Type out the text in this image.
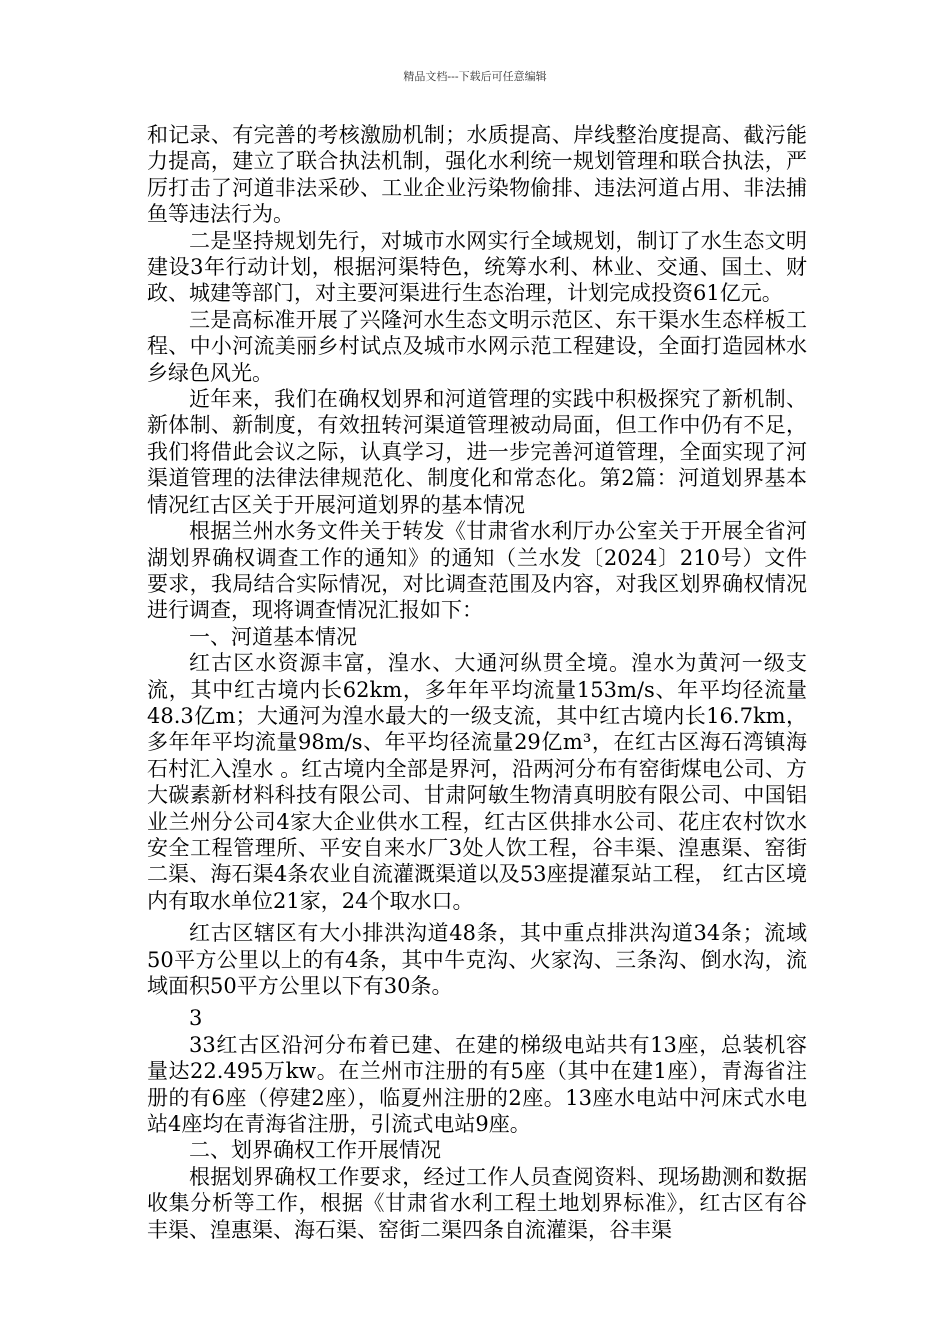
精品文档---下载后可任意编辑

和记录、有完善的考核激励机制；水质提高、岸线整治度提高、截污能力提高，建立了联合执法机制，强化水利统一规划管理和联合执法，严厉打击了河道非法采砂、工业企业污染物偷排、违法河道占用、非法捕鱼等违法行为。

二是坚持规划先行，对城市水网实行全域规划，制订了水生态文明建设3年行动计划，根据河渠特色，统筹水利、林业、交通、国土、财政、城建等部门，对主要河渠进行生态治理，计划完成投资61亿元。

三是高标准开展了兴隆河水生态文明示范区、东干渠水生态样板工程、中小河流美丽乡村试点及城市水网示范工程建设，全面打造园林水乡绿色风光。

近年来，我们在确权划界和河道管理的实践中积极探究了新机制、新体制、新制度，有效扭转河渠道管理被动局面，但工作中仍有不足，我们将借此会议之际，认真学习，进一步完善河道管理，全面实现了河渠道管理的法律法律规范化、制度化和常态化。第2篇：河道划界基本情况红古区关于开展河道划界的基本情况

根据兰州水务文件关于转发《甘肃省水利厅办公室关于开展全省河湖划界确权调查工作的通知》的通知（兰水发〔2024〕210号）文件要求，我局结合实际情况，对比调查范围及内容，对我区划界确权情况进行调查，现将调查情况汇报如下：

一、河道基本情况

红古区水资源丰富，湟水、大通河纵贯全境。湟水为黄河一级支流，其中红古境内长62km，多年年平均流量153m/s、年平均径流量48.3亿m；大通河为湟水最大的一级支流，其中红古境内长16.7km，多年年平均流量98m/s、年平均径流量29亿m³，在红古区海石湾镇海石村汇入湟水 。红古境内全部是界河，沿两河分布有窑街煤电公司、方大碳素新材料科技有限公司、甘肃阿敏生物清真明胶有限公司、中国铝业兰州分公司4家大企业供水工程，红古区供排水公司、花庄农村饮水安全工程管理所、平安自来水厂3处人饮工程，谷丰渠、湟惠渠、窑街二渠、海石渠4条农业自流灌溉渠道以及53座提灌泵站工程， 红古区境内有取水单位21家，24个取水口。

红古区辖区有大小排洪沟道48条，其中重点排洪沟道34条；流域50平方公里以上的有4条，其中牛克沟、火家沟、三条沟、倒水沟，流域面积50平方公里以下有30条。

3

33红古区沿河分布着已建、在建的梯级电站共有13座，总装机容量达22.495万kw。在兰州市注册的有5座（其中在建1座），青海省注册的有6座（停建2座），临夏州注册的2座。13座水电站中河床式水电站4座均在青海省注册，引流式电站9座。

二、划界确权工作开展情况

根据划界确权工作要求，经过工作人员查阅资料、现场勘测和数据收集分析等工作，根据《甘肃省水利工程土地划界标准》，红古区有谷丰渠、湟惠渠、海石渠、窑街二渠四条自流灌渠，谷丰渠
